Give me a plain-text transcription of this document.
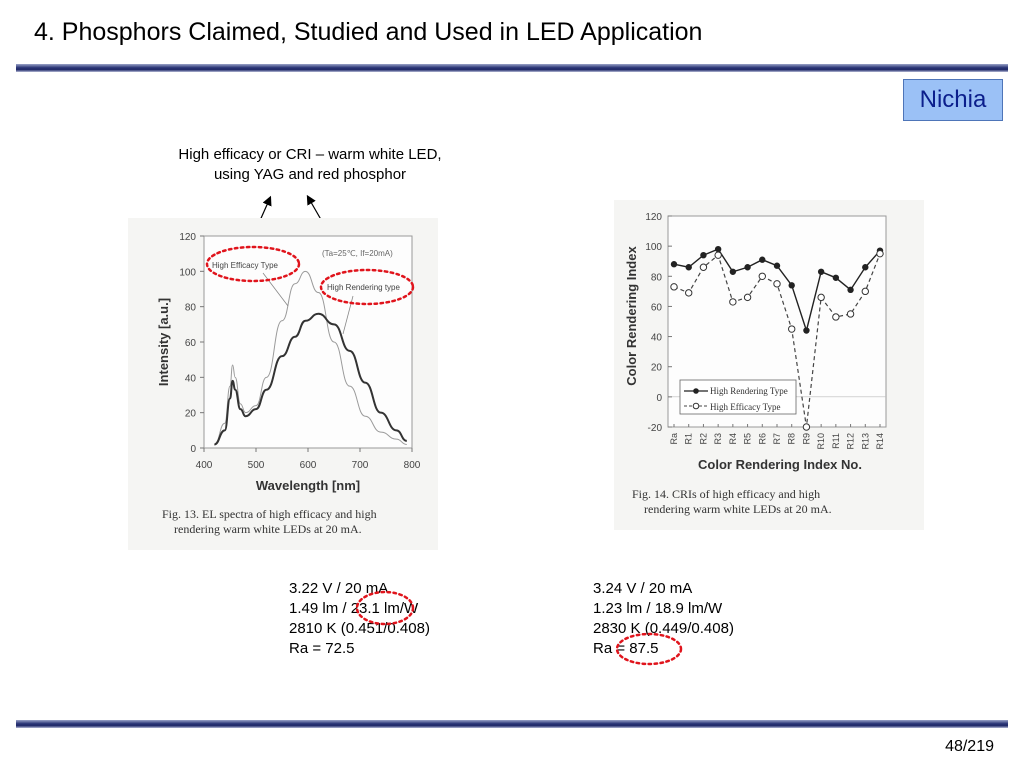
4. Phosphors Claimed, Studied and Used in LED Application
Nichia
High efficacy or CRI – warm white LED,
using YAG and red phosphor
0
20
40
60
80
100
120
400	500	600	700	800
Intensity [a.u.]
Wavelength [nm]
(Ta=25℃, If=20mA)
High Efficacy Type
High Rendering type
Fig. 13. EL spectra of high efficacy and high
rendering warm white LEDs at 20 mA.
120
100
80
60
40
20
0
-20
Ra R1 R2 R3 R4 R5 R6 R7 R8 R9 R10 R11 R12 R13 R14
Color Rendering Index
Color Rendering Index No.
High Rendering Type
High Efficacy Type
Fig. 14. CRIs of high efficacy and high
rendering warm white LEDs at 20 mA.
3.22 V / 20 mA
1.49 lm / 23.1 lm/W
2810 K (0.451/0.408)
Ra = 72.5
3.24 V / 20 mA
1.23 lm / 18.9 lm/W
2830 K (0.449/0.408)
Ra = 87.5
48/219
